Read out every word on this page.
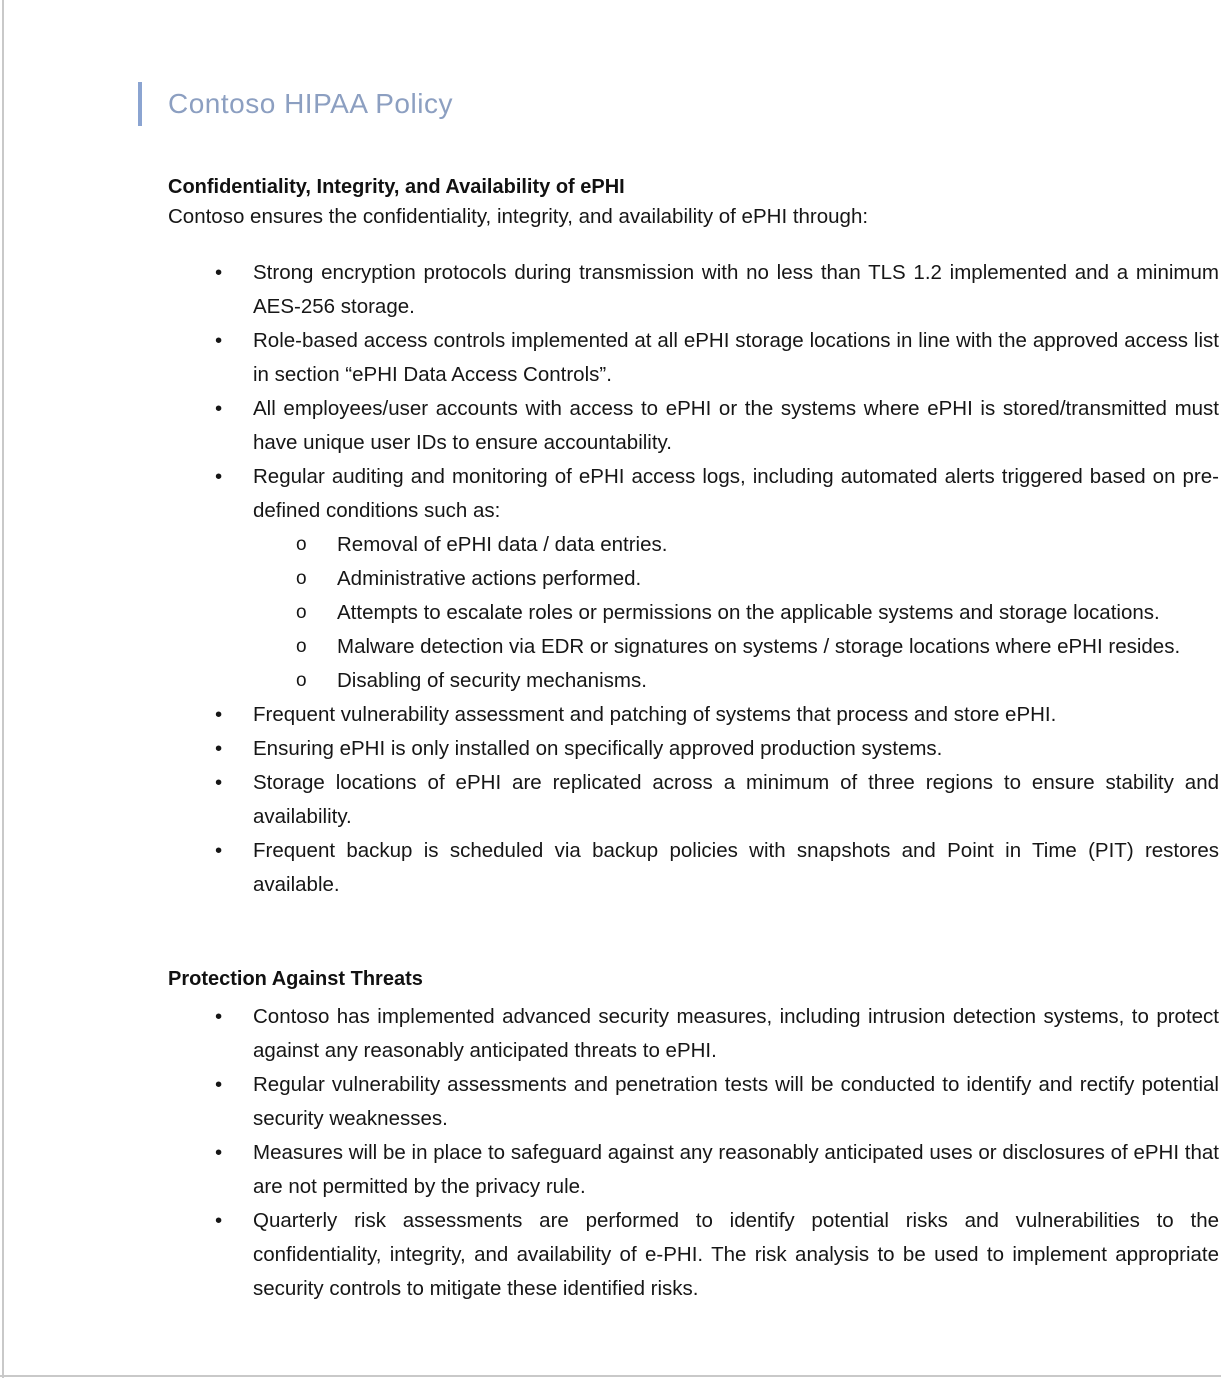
Contoso HIPAA Policy
Confidentiality, Integrity, and Availability of ePHI

Contoso ensures the confidentiality, integrity, and availability of ePHI through:

•	Strong encryption protocols during transmission with no less than TLS 1.2 implemented and a minimum AES-256 storage.
•	Role-based access controls implemented at all ePHI storage locations in line with the approved access list in section “ePHI Data Access Controls”.
•	All employees/user accounts with access to ePHI or the systems where ePHI is stored/transmitted must have unique user IDs to ensure accountability.
•	Regular auditing and monitoring of ePHI access logs, including automated alerts triggered based on pre-defined conditions such as:
o	Removal of ePHI data / data entries.
o	Administrative actions performed.
o	Attempts to escalate roles or permissions on the applicable systems and storage locations.
o	Malware detection via EDR or signatures on systems / storage locations where ePHI resides.
o	Disabling of security mechanisms.
•	Frequent vulnerability assessment and patching of systems that process and store ePHI.
•	Ensuring ePHI is only installed on specifically approved production systems.
•	Storage locations of ePHI are replicated across a minimum of three regions to ensure stability and availability.
•	Frequent backup is scheduled via backup policies with snapshots and Point in Time (PIT) restores available.
Protection Against Threats
•	Contoso has implemented advanced security measures, including intrusion detection systems, to protect against any reasonably anticipated threats to ePHI.
•	Regular vulnerability assessments and penetration tests will be conducted to identify and rectify potential security weaknesses.
•	Measures will be in place to safeguard against any reasonably anticipated uses or disclosures of ePHI that are not permitted by the privacy rule.
•	Quarterly risk assessments are performed to identify potential risks and vulnerabilities to the confidentiality, integrity, and availability of e-PHI. The risk analysis to be used to implement appropriate security controls to mitigate these identified risks.
